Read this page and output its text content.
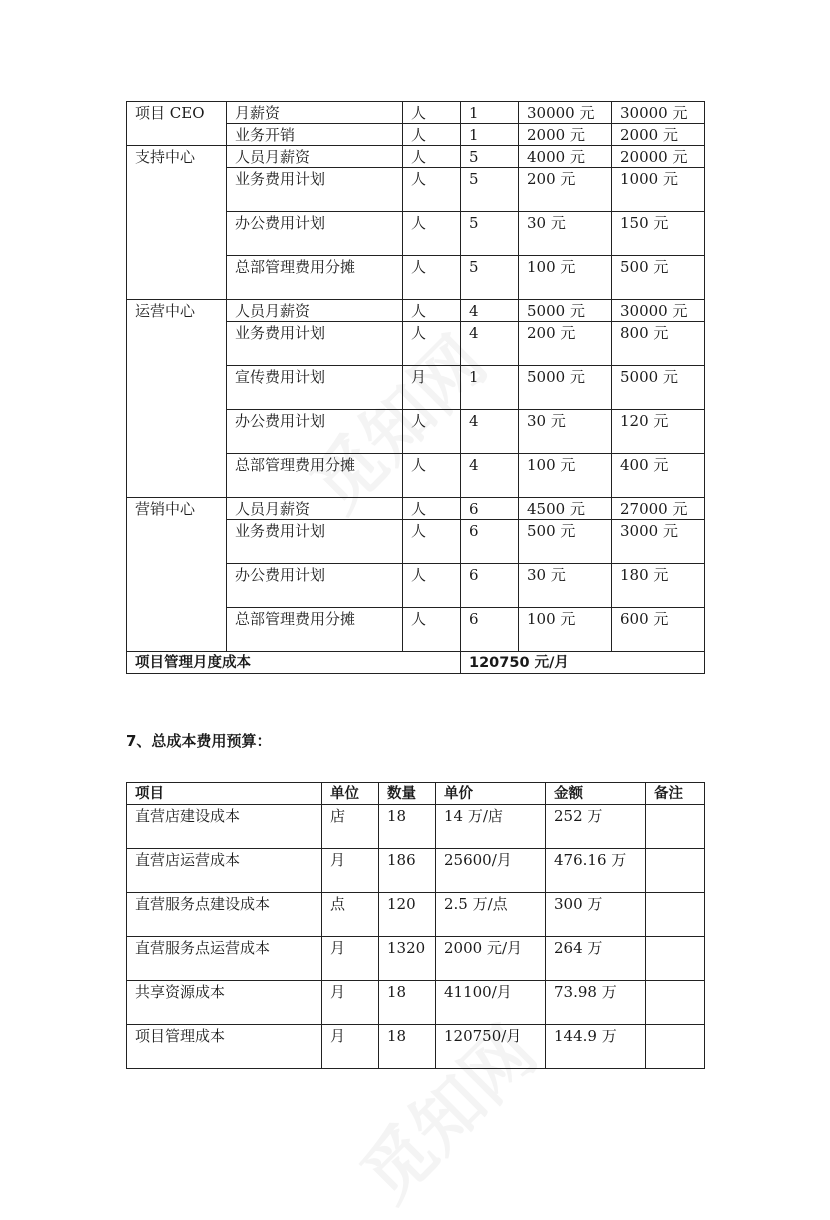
项目 CEO	月薪资	人	1	30000 元	30000 元
	业务开销	人	1	2000 元	2000 元
支持中心	人员月薪资	人	5	4000 元	20000 元
	业务费用计划	人	5	200 元	1000 元
	办公费用计划	人	5	30 元	150 元
	总部管理费用分摊	人	5	100 元	500 元
运营中心	人员月薪资	人	4	5000 元	30000 元
	业务费用计划	人	4	200 元	800 元
	宣传费用计划	月	1	5000 元	5000 元
	办公费用计划	人	4	30 元	120 元
	总部管理费用分摊	人	4	100 元	400 元
营销中心	人员月薪资	人	6	4500 元	27000 元
	业务费用计划	人	6	500 元	3000 元
	办公费用计划	人	6	30 元	180 元
	总部管理费用分摊	人	6	100 元	600 元
项目管理月度成本			120750 元/月		
7、总成本费用预算：
项目	单位	数量	单价	金额	备注
直营店建设成本	店	18	14 万/店	252 万	
直营店运营成本	月	186	25600/月	476.16 万	
直营服务点建设成本	点	120	2.5 万/点	300 万	
直营服务点运营成本	月	1320	2000 元/月	264 万	
共享资源成本	月	18	41100/月	73.98 万	
项目管理成本	月	18	120750/月	144.9 万	
